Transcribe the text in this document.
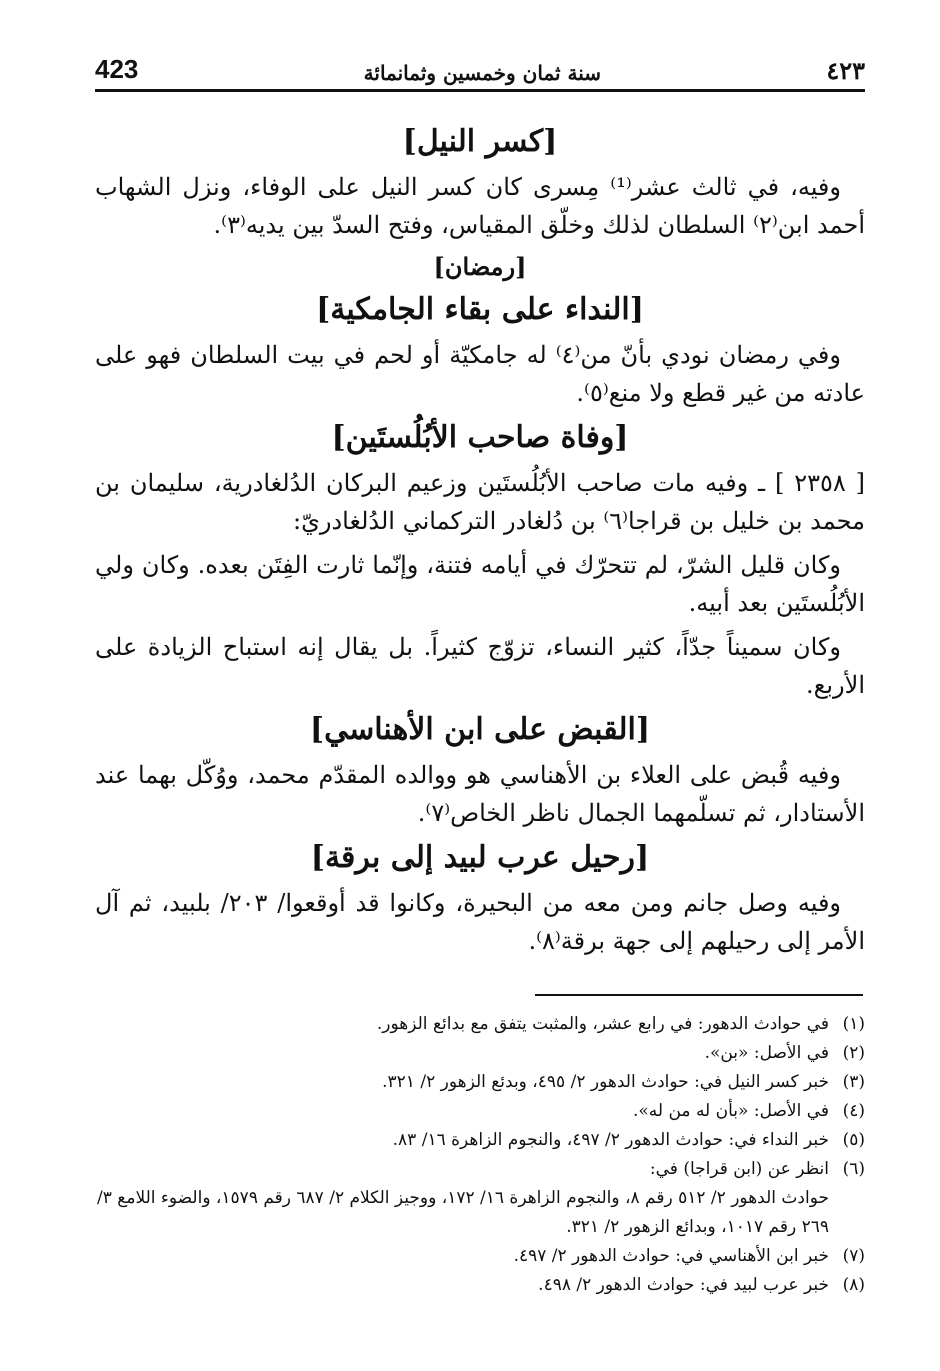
423	سنة ثمان وخمسين وثمانمائة	٤٢٣
[كسر النيل]

وفيه، في ثالث عشر⁽¹⁾ مِسرى كان كسر النيل على الوفاء، ونزل الشهاب أحمد ابن⁽٢⁾ السلطان لذلك وخلّق المقياس، وفتح السدّ بين يديه⁽٣⁾.

[رمضان]
[النداء على بقاء الجامكية]

وفي رمضان نودي بأنّ من⁽٤⁾ له جامكيّة أو لحم في بيت السلطان فهو على عادته من غير قطع ولا منع⁽٥⁾.

[وفاة صاحب الأبُلُستَين]

[ ٢٣٥٨ ] ـ وفيه مات صاحب الأبُلُستَين وزعيم البركان الدُلغادرية، سليمان بن محمد بن خليل بن قراجا⁽٦⁾ بن دُلغادر التركماني الدُلغادريّ:

وكان قليل الشرّ، لم تتحرّك في أيامه فتنة، وإنّما ثارت الفِتَن بعده. وكان ولي الأبُلُستَين بعد أبيه.

وكان سميناً جدّاً، كثير النساء، تزوّج كثيراً. بل يقال إنه استباح الزيادة على الأربع.

[القبض على ابن الأهناسي]

وفيه قُبض على العلاء بن الأهناسي هو ووالده المقدّم محمد، ووُكّل بهما عند الأستادار، ثم تسلّمهما الجمال ناظر الخاص⁽٧⁾.

[رحيل عرب لبيد إلى برقة]

وفيه وصل جانم ومن معه من البحيرة، وكانوا قد أوقعوا/ ٢٠٣/ بلبيد، ثم آل الأمر إلى رحيلهم إلى جهة برقة⁽٨⁾.

(١)
في حوادث الدهور: في رابع عشر، والمثبت يتفق مع بدائع الزهور.
(٢)
في الأصل: «بن».
(٣)
خبر كسر النيل في: حوادث الدهور ٢/ ٤٩٥، وبدئع الزهور ٢/ ٣٢١.
(٤)
في الأصل: «بأن له من له».
(٥)
خبر النداء في: حوادث الدهور ٢/ ٤٩٧، والنجوم الزاهرة ١٦/ ٨٣.
(٦)
انظر عن (ابن قراجا) في:
حوادث الدهور ٢/ ٥١٢ رقم ٨، والنجوم الزاهرة ١٦/ ١٧٢، ووجيز الكلام ٢/ ٦٨٧ رقم ١٥٧٩، والضوء اللامع ٣/ ٢٦٩ رقم ١٠١٧، وبدائع الزهور ٢/ ٣٢١.
(٧)
خبر ابن الأهناسي في: حوادث الدهور ٢/ ٤٩٧.
(٨)
خبر عرب لبيد في: حوادث الدهور ٢/ ٤٩٨.
